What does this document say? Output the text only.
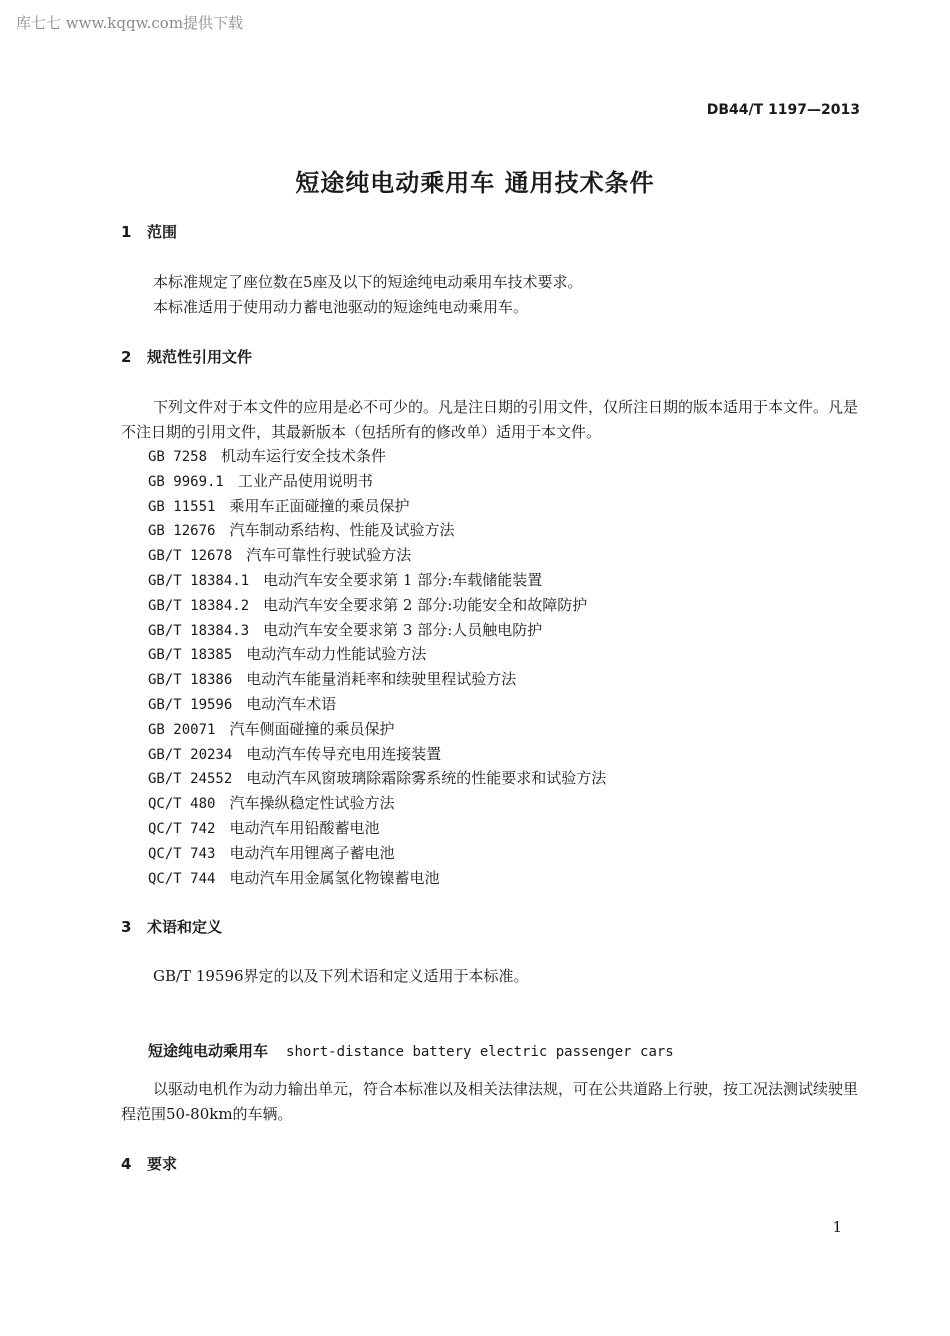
库七七 www.kqqw.com提供下载
DB44/T 1197—2013
短途纯电动乘用车 通用技术条件
1 范围
本标准规定了座位数在5座及以下的短途纯电动乘用车技术要求。
本标准适用于使用动力蓄电池驱动的短途纯电动乘用车。
2 规范性引用文件
下列文件对于本文件的应用是必不可少的。凡是注日期的引用文件，仅所注日期的版本适用于本文件。凡是不注日期的引用文件，其最新版本（包括所有的修改单）适用于本文件。
GB 7258 机动车运行安全技术条件
GB 9969.1 工业产品使用说明书
GB 11551 乘用车正面碰撞的乘员保护
GB 12676 汽车制动系结构、性能及试验方法
GB/T 12678 汽车可靠性行驶试验方法
GB/T 18384.1 电动汽车安全要求第 1 部分:车载储能装置
GB/T 18384.2 电动汽车安全要求第 2 部分:功能安全和故障防护
GB/T 18384.3 电动汽车安全要求第 3 部分:人员触电防护
GB/T 18385 电动汽车动力性能试验方法
GB/T 18386 电动汽车能量消耗率和续驶里程试验方法
GB/T 19596 电动汽车术语
GB 20071 汽车侧面碰撞的乘员保护
GB/T 20234 电动汽车传导充电用连接装置
GB/T 24552 电动汽车风窗玻璃除霜除雾系统的性能要求和试验方法
QC/T 480 汽车操纵稳定性试验方法
QC/T 742 电动汽车用铅酸蓄电池
QC/T 743 电动汽车用锂离子蓄电池
QC/T 744 电动汽车用金属氢化物镍蓄电池
3 术语和定义
GB/T 19596界定的以及下列术语和定义适用于本标准。
短途纯电动乘用车 short-distance battery electric passenger cars
以驱动电机作为动力输出单元，符合本标准以及相关法律法规，可在公共道路上行驶，按工况法测试续驶里程范围50-80km的车辆。
4 要求
1
